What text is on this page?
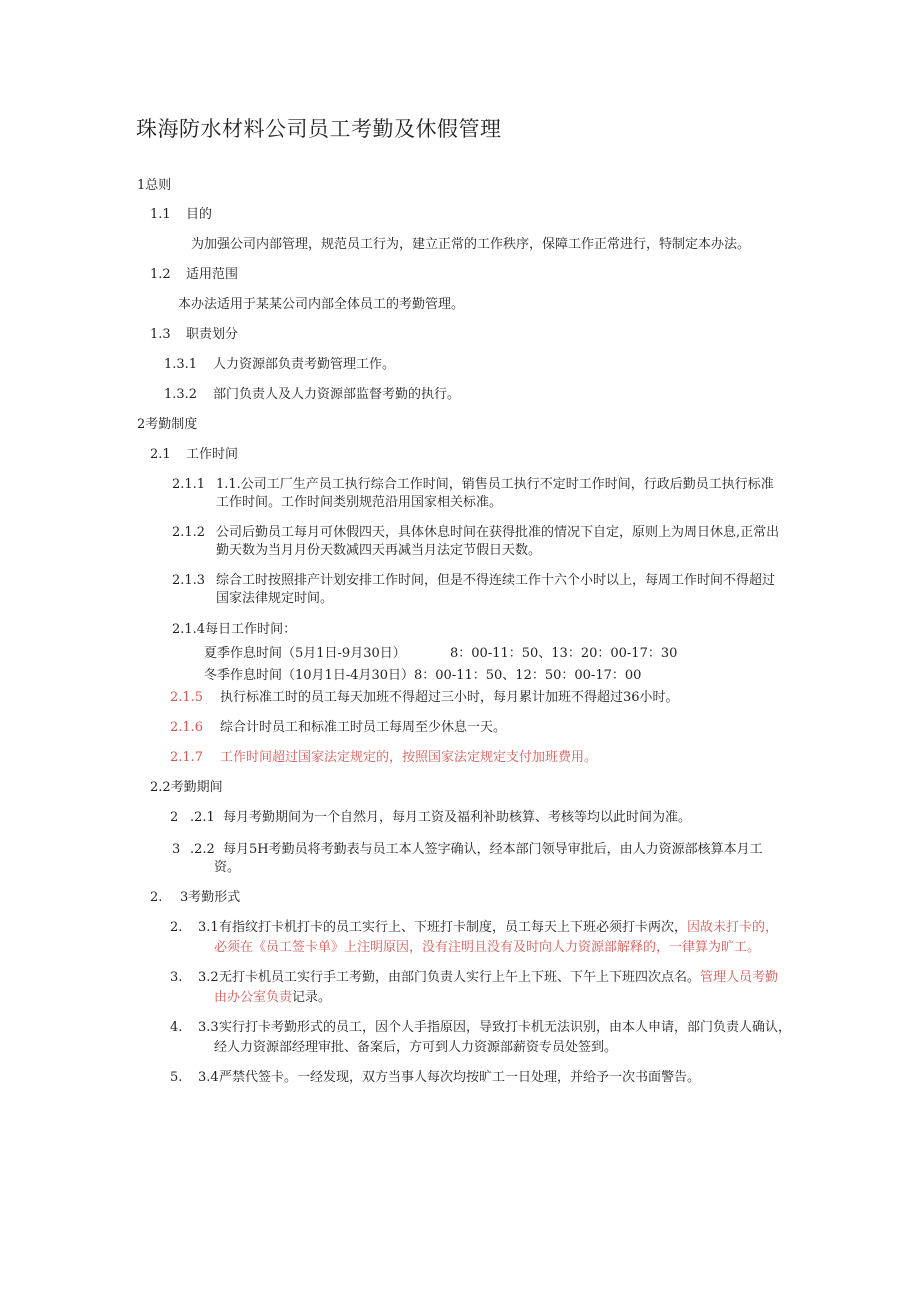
珠海防水材料公司员工考勤及休假管理
1总则
1.1 目的
为加强公司内部管理，规范员工行为，建立正常的工作秩序，保障工作正常进行，特制定本办法。
1.2 适用范围
本办法适用于某某公司内部全体员工的考勤管理。
1.3 职责划分
1.3.1 人力资源部负责考勤管理工作。
1.3.2 部门负责人及人力资源部监督考勤的执行。
2考勤制度
2.1 工作时间
2.1.1 1.1.公司工厂生产员工执行综合工作时间，销售员工执行不定时工作时间，行政后勤员工执行标准
工作时间。工作时间类别规范沿用国家相关标准。
2.1.2 公司后勤员工每月可休假四天，具体休息时间在获得批准的情况下自定，原则上为周日休息,正常出
勤天数为当月月份天数减四天再减当月法定节假日天数。
2.1.3 综合工时按照排产计划安排工作时间，但是不得连续工作十六个小时以上，每周工作时间不得超过
国家法律规定时间。
2.1.4每日工作时间：
夏季作息时间（5月1日-9月30日）	8：00-11：50、13：20：00-17：30
冬季作息时间（10月1日-4月30日）8：00-11：50、12：50：00-17：00
2.1.5 执行标准工时的员工每天加班不得超过三小时，每月累计加班不得超过36小时。
2.1.6 综合计时员工和标准工时员工每周至少休息一天。
2.1.7 工作时间超过国家法定规定的，按照国家法定规定支付加班费用。
2.2考勤期间
2 .2.1 每月考勤期间为一个自然月，每月工资及福利补助核算、考核等均以此时间为准。
3 .2.2 每月5H考勤员将考勤表与员工本人签字确认，经本部门领导审批后，由人力资源部核算本月工
资。
2. 3考勤形式
2. 3.1 有指纹打卡机打卡的员工实行上、下班打卡制度，员工每天上下班必须打卡两次，因故未打卡的，
必须在《员工签卡单》上注明原因，没有注明且没有及时向人力资源部解释的，一律算为旷工。
3. 3.2 无打卡机员工实行手工考勤，由部门负责人实行上午上下班、下午上下班四次点名。管理人员考勤
由办公室负责记录。
4. 3.3 实行打卡考勤形式的员工，因个人手指原因，导致打卡机无法识别，由本人申请，部门负责人确认，
经人力资源部经理审批、备案后，方可到人力资源部薪资专员处签到。
5. 3.4 严禁代签卡。一经发现，双方当事人每次均按旷工一日处理，并给予一次书面警告。
